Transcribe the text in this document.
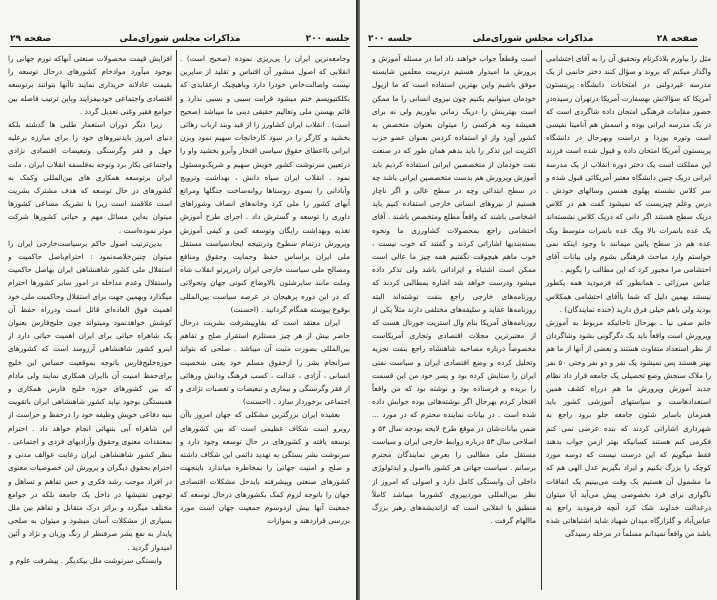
جلسه ۲۰۰
مذاکرات مجلس شورای‌ملی
صفحه ۲۹

وجامعه‌ترین ایران را پی‌ریزی نموده (صحیح است) . انقلابی که اصول منشور آن اقتباس و تقلید از سایرین نیست واصالت‌خاص خودرا دارد وباهیچیک ازعقایدی که بکلکتیویسم ختم میشود قرابت سببی و نسبی ندارد و قائم بهسنن ملی وتعالیم حقیقی دینی ما میباشد (صحیح است) . انقلاب ایران کشاورز را از قید وبند ارباب رهائی بخشید و کارگر را در سود کارخانجات سهیم نمود وبزن ایرانی بااعطای حقوق سیاسی افتخار وآبرو بخشید واو را درتعیین سرنوشت کشور خویش سهیم و شریک‌ومسئول نمود . انقلاب ایران سپاه دانش ، بهداشت وترویج وآبادانی را بسوی روستاها روانه‌ساخت جنگلها ومراتع آبهای کشور را ملی کرد وخانه‌های انصاف وشوراهای داوری را توسعه و گسترش داد . اجرای طرح آموزش تغذیه وبهداشت رایگان وتوسعه کمی و کیفی آموزش وپرورش درتمام سطوح ودرنتیجه ایجادسیاست مستقل ملی ایران براساس حفظ وحمایت وحقوق ومنافع ومصالح ملی سیاست خارجی ایران رادرپرتو انقلاب شاه وملت مانند سایرشئون بالاوضاع کنونی جهان وتحولاتی که در این دوره پرهیجان در عرصه سیاست بین‌المللی بوقوع پیوسته همگام گردانید . (احسنت)

ایران معتقد است که بقاوپیشرفت بشریت درحال حاضر بیش از هر چیز مستلزم استقرار صلح و تفاهم بین‌المللی بصورت مثبت آن میباشد . صلحی که بتواند سرانجام بشر را ازحقوق مسلم خود یعنی شخصیت انسانی ، آزادی ، عدالت ، کسب فرهنگ ودانش ورهائی از فقر وگرسنگی و بیماری و تبعیضات و تعصبات نژادی و اجتماعی برخوردار سازد . (احسنت)

بعقیده ایران بزرگترین مشکلی که جهان امروز باآن روبرو است شکاف عظیمی است که بین کشورهای توسعه یافته و کشورهای در حال توسعه وجود دارد و سرنوشت بشر بستگی به تهدید دائمی این شکاف داشته و صلح و امنیت جهانی را بمخاطره میاندازد باینجهت کشورهای صنعتی وپیشرفته بایدحل مشکلات اقتصادی جهان را باتوجه لزوم کمک بکشورهای درحال توسعه که جمعیت آنها بیش ازدوسوم جمعیت جهان است مورد بررسی قراردهند و بموازات

افزایش قیمت محصولات صنعتی آنهاکه تورم جهانی را بوجود میآورد موادخام کشورهای درحال توسعه را بقیمت عادلانه خریداری نمایند تاآنها بتوانند برتوسعه اقتصادی واجتماعی خودبیفزایند وباین ترتیب فاصله بین جوامع فقیر وغنی تعدیل گردد .

زیرا دیگر دوران استعمار طلبی ها گذشته بلکه دنیای امروز بایدنیروهای خود را برای مبارزه برعلیه جهل و فقر وگرسنگی وتبعیضات اقتصادی نژادی واجتماعی بکار برد وتوجه به‌فلسفه انقلاب ایران ، ملت ایران برتوسعه همکاری های بین‌المللی وکمک به کشورهای در حال توسعه که هدف مشترک بشریت است علاقمند است زیرا با تشریک مساعی کشورها میتوان به‌این مسائل مهم و حیاتی کشورها شرکت موثر نموده‌است .

بدین‌ترتیب اصول حاکم برسیاست‌خارجی ایران را میتوان چنین‌خلاصه‌نمود : احترام‌باصل حاکمیت و استقلال ملی کشور شاهنشاهی ایران بهاصل حاکمیت واستقلال وعدم مداخله در امور سایر کشورها احترام میگذارد وبهمین جهت برای استقلال وحاکمیت ملی خود اهمیت فوق العاده‌ای قائل است ودرراه حفظ آن کوشش خواهدنمود ومیتواند چون خلیج‌فارس بعنوان یک شاهراه حیاتی برای ایران اهمیت حیاتی دارد از اینرو کشور شاهنشاهی آرزومند است که کشورهای حوزه‌خلیج‌فارس باتوجه بموقعیت حساس این خلیج برای‌حفظ امنیت آن باایران همکاری نمایند ولی مادام که بین کشورهای حوزه خلیج فارس همکاری و همبستگی بوجود نیاید کشور شاهنشاهی ایران باتقویت بنیه دفاعی خویش وظیفه خود را درحفظ و حراست از این شاهراه آبی بتنهائی انجام خواهد داد . احترام بمعتقدات معنوی وحقوق وآزادیهای فردی و اجتماعی . بنظر کشور شاهنشاهی ایران رعایت عوالف مدنی و احترام بحقوق دیگران و پرورش این خصوصیات معنوی در افراد موجب رشد فکری و حس تفاهم و تساهل و توجهی تفتیشها در داخل یک جامعه بلکه در جوامع مختلف میگردد و براثر درک متقابل و تفاهم بین ملل بسیاری از مشکلات آسان میشود و میتوان به صلحی پایدار به نفع بشر صرفنظر از رنگ وزبان و نژاد و آئین امیدوار گردید .

وابستگی سرنوشت ملل بیکدیگر . پیشرفت علوم و

جلسه ۲۰۰	مذاکرات مجلس شورای‌ملی	صفحه ۲۸

مثل را بیاورم بلاذکرنام وتحقیق آن را به آقای احتشامی واگذار میکنم که بروند و سؤال کنند دختر خانمی از یک مدرسه غیردولتی در امتحانات دانشگاه پرینستون آمریکا که سؤالاتش بهسفارت آمریکا درتهران رسیده‌در حضور مقامات فرهنگی امتحان داده شاگردی است که در یک مدرسه ایرانی بوده و اسمش هم آنامیتا نفیسی است وتوره پوردا و دراست وبهرحال در دانشگاه پرینستون آمریکا امتحان داده و قبول شده است فرزند این مملکت است یک دختر دوره انقلاب از یک مدرسه ایرانی دریک چنین دانشگاه معتبر آمریکائی قبول شده و سر کلاس نشسته پهلوی همسن وسالهای خودش . درس وعلم چیزیست که نمیشود گفت هم در کلاس دریک سطح هستند اگر دانی که دریک کلاس نشسته‌اند یک عده بانمرات بالا ویک عده بانمرات متوسط ویک عده هم در سطح پائین میمانند با وجود اینکه نمی خواستم وارد مباحث فرهنگی بشوم ولی بیانات آقای احتشامی مرا مجبور کرد که این مطالب را بگویم .

عباس میرزائی ـ همانطور که فرمودید همه یکطور نیستند بهمین دلیل که شما باآقای احتشامی همکلاس بودید ولی باهم خیلی فرق دارید (خنده نمایندگان) .

خانم صفی نیا ـ بهرحال تاحائیکه مربوط به آموزش وپرورش است واقعاً باید یک دگرگونی بشود وشاگردان از نظر استعداد متفاوت هستند و بعضی از آنها از ما هم بهتر هستند پس نمیشود یک نفر و دو نفر وحتی ۵۰ نفر را ملاک سنجش وضع تحصیلی یک جامعه قرار داد نظام جدید آموزش وپرورش ما هم درراه کشف همین استعدادهاست و سیاستهای آموزشی کشور باید همزمان باسایر شئون جامعه جلو برود راجع به شهرداری اشاراتی کردند که بنده عرضی نمی کنم فکرمی کنم هستند کسانیکه بهتر ازمن جواب بدهند فقط میگویم که این درست نیست که دوسه مورد کوچک را بزرگ بکنیم و ایراد بگیریم عدل الهی هم که ما مشمول آن هستیم یک وقت می‌بینیم یک اتفاقات ناگواری برای فرد بخصوصی پیش می‌آید آیا میتوان درعدالت خداوند شک کرد آنچه فرمودید راجع به عباس‌آباد و گلزارگاه میدان شهیاد شاید اشتباهاتی شده باشد من واقعاً نمیدانم مسلماً در مرحله رسیدگی

است وقطعاً جواب خواهند داد اما در مسئله آموزش و پرورش ما امیدوار هستیم درتربیت معلمین شایسته موفق باشیم واین بهترین استفاده است که ما ازپول خودمان میتوانیم بکنیم چون نیروی انسانی را ما ممکن است بهترینش را دریک زمانی بیاوریم ولی نه برای همیشه وبه هرکسی را میتوان بعنوان متخصص به کشور آورد واز او استفاده کردمن بعنوان عضو حزب اکثریت این تذکر را باید بدهم همان طور که در صنعت نفت خودمان از متخصصین ایرانی استفاده کردیم باید آموزش وپرورش هم بدست متخصصین ایرانی باشد چه در سطح ابتدائی وچه در سطح عالی و اگر ناچار هستیم از نیروهای انسانی خارجی استفاده کنیم باید اشخاصی باشند که واقعاً مطلع ومتخصص باشند . آقای احتشامی راجع بمحصولات کشاورزی ما ونحوه بسته‌بندیها اشاراتی کردند و گفتند که خوب نیست ، خوب ماهم هیچوقت نگفتیم همه چیز ما عالی است ممکن است اشتباه و ایراداتی باشد ولی تذکر داده میشود ودرست خواهد شد اشاره بمطالبی کردند که روزنامه‌های خارجی راجع بنفت نوشته‌اند البته روزنامه‌ها عقاید و سلیقه‌های مختلفی دارند مثلاً یکی از روزنامه‌های آمریکا بنام وال استریت جورنال هست که از معتبرترین مجلات اقتصادی وتجاری آمریکاست مخصوصاً درباره مصاحبه شاهنشاه راجع بنفت تجزیه وتحلیل کرده و وضع اقتصادی ایران و سیاست نفتی ایران را ستایش کرده بود و پسر خود من این قسمت را بریده و فرستاده بود و نوشته بود که من واقعاً افتخار کردم بهرحال اگر نوشته‌هائی بوده جوابش داده شده است . در بیانات نماینده محترم که در مورد ... ضمن بیانات‌شان در موقع طرح لایحه بودجه سال ۵۴ و اصلاحی سال ۵۳ درباره روابط خارجی ایران و سیاست مستقل ملی مطالبی را بعرض نمایندگان محترم برسانم . سیاست جهانی هر کشور بااصول و ایدئولوژی داخلی آن وابستگی کامل دارد و اصولی که امروز از نظر بین‌المللی موردپیروی کشورما میباشد کاملاً منطبق با انقلابی است که ازاندیشه‌های رهبر بزرگ ماالهام گرفت .
